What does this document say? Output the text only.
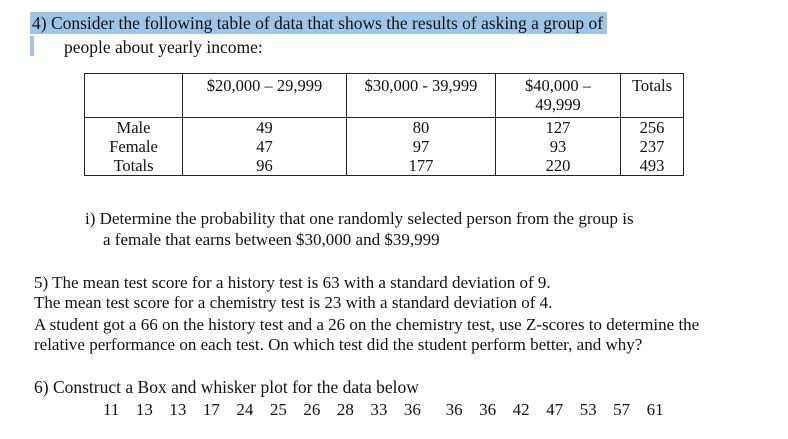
4) Consider the following table of data that shows the results of asking a group of
people about yearly income:
	$20,000 – 29,999	$30,000 - 39,999	$40,000 –
49,999	Totals
Male	49	80	127	256
Female	47	97	93	237
Totals	96	177	220	493
i) Determine the probability that one randomly selected person from the group is
a female that earns between $30,000 and $39,999
5) The mean test score for a history test is 63 with a standard deviation of 9.
The mean test score for a chemistry test is 23 with a standard deviation of 4.
A student got a 66 on the history test and a 26 on the chemistry test, use Z-scores to determine the
relative performance on each test. On which test did the student perform better, and why?
6) Construct a Box and whisker plot for the data below
11  13  13  17  24  25  26  28  33  36   36  36  42  47  53  57  61
